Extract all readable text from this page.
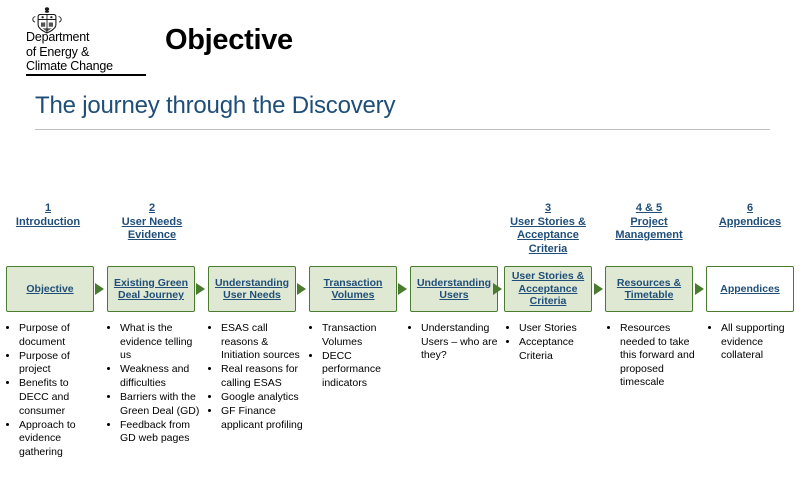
Department
of Energy &
Climate Change
Objective
The journey through the Discovery
1
Introduction
2
User Needs
Evidence
3
User Stories &
Acceptance
Criteria
4 & 5
Project
Management
6
Appendices
Objective
Existing Green Deal Journey
Understanding User Needs
Transaction Volumes
Understanding Users
User Stories & Acceptance Criteria
Resources & Timetable
Appendices
• Purpose of document
• Purpose of project
• Benefits to DECC and consumer
• Approach to evidence gathering
• What is the evidence telling us
• Weakness and difficulties
• Barriers with the Green Deal (GD)
• Feedback from GD web pages
• ESAS call reasons & Initiation sources
• Real reasons for calling ESAS
• Google analytics
• GF Finance applicant profiling
• Transaction Volumes
• DECC performance indicators
• Understanding Users – who are they?
• User Stories
• Acceptance Criteria
• Resources needed to take this forward and proposed timescale
• All supporting evidence collateral
